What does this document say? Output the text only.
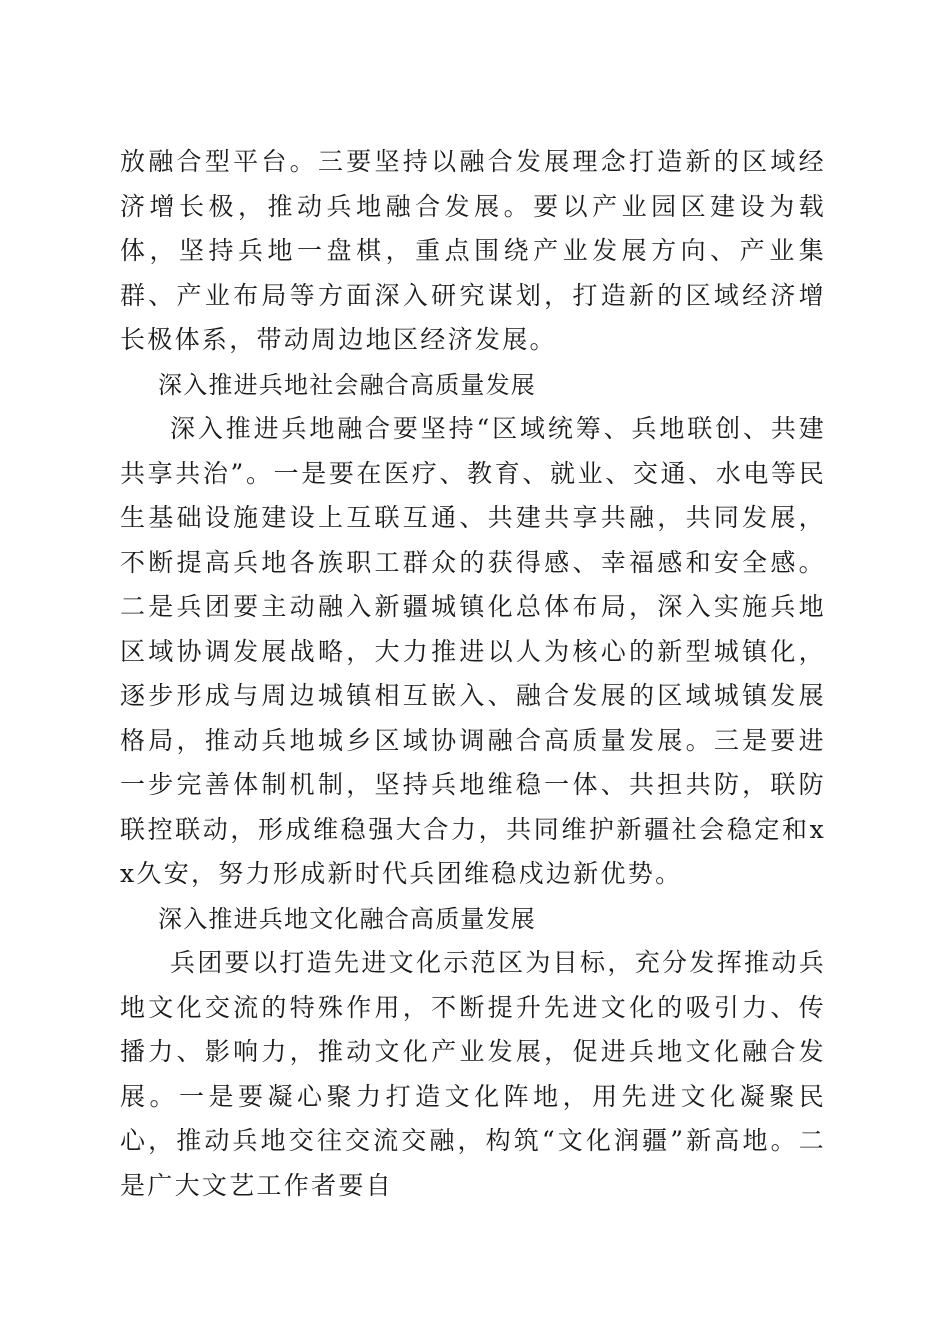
放融合型平台。三要坚持以融合发展理念打造新的区域经济增长极，推动兵地融合发展。要以产业园区建设为载体，坚持兵地一盘棋，重点围绕产业发展方向、产业集群、产业布局等方面深入研究谋划，打造新的区域经济增长极体系，带动周边地区经济发展。

深入推进兵地社会融合高质量发展

深入推进兵地融合要坚持“区域统筹、兵地联创、共建共享共治”。一是要在医疗、教育、就业、交通、水电等民生基础设施建设上互联互通、共建共享共融，共同发展，不断提高兵地各族职工群众的获得感、幸福感和安全感。二是兵团要主动融入新疆城镇化总体布局，深入实施兵地区域协调发展战略，大力推进以人为核心的新型城镇化，逐步形成与周边城镇相互嵌入、融合发展的区域城镇发展格局，推动兵地城乡区域协调融合高质量发展。三是要进一步完善体制机制，坚持兵地维稳一体、共担共防，联防联控联动，形成维稳强大合力，共同维护新疆社会稳定和xx久安，努力形成新时代兵团维稳戍边新优势。

深入推进兵地文化融合高质量发展

兵团要以打造先进文化示范区为目标，充分发挥推动兵地文化交流的特殊作用，不断提升先进文化的吸引力、传播力、影响力，推动文化产业发展，促进兵地文化融合发展。一是要凝心聚力打造文化阵地，用先进文化凝聚民心，推动兵地交往交流交融，构筑“文化润疆”新高地。二是广大文艺工作者要自
